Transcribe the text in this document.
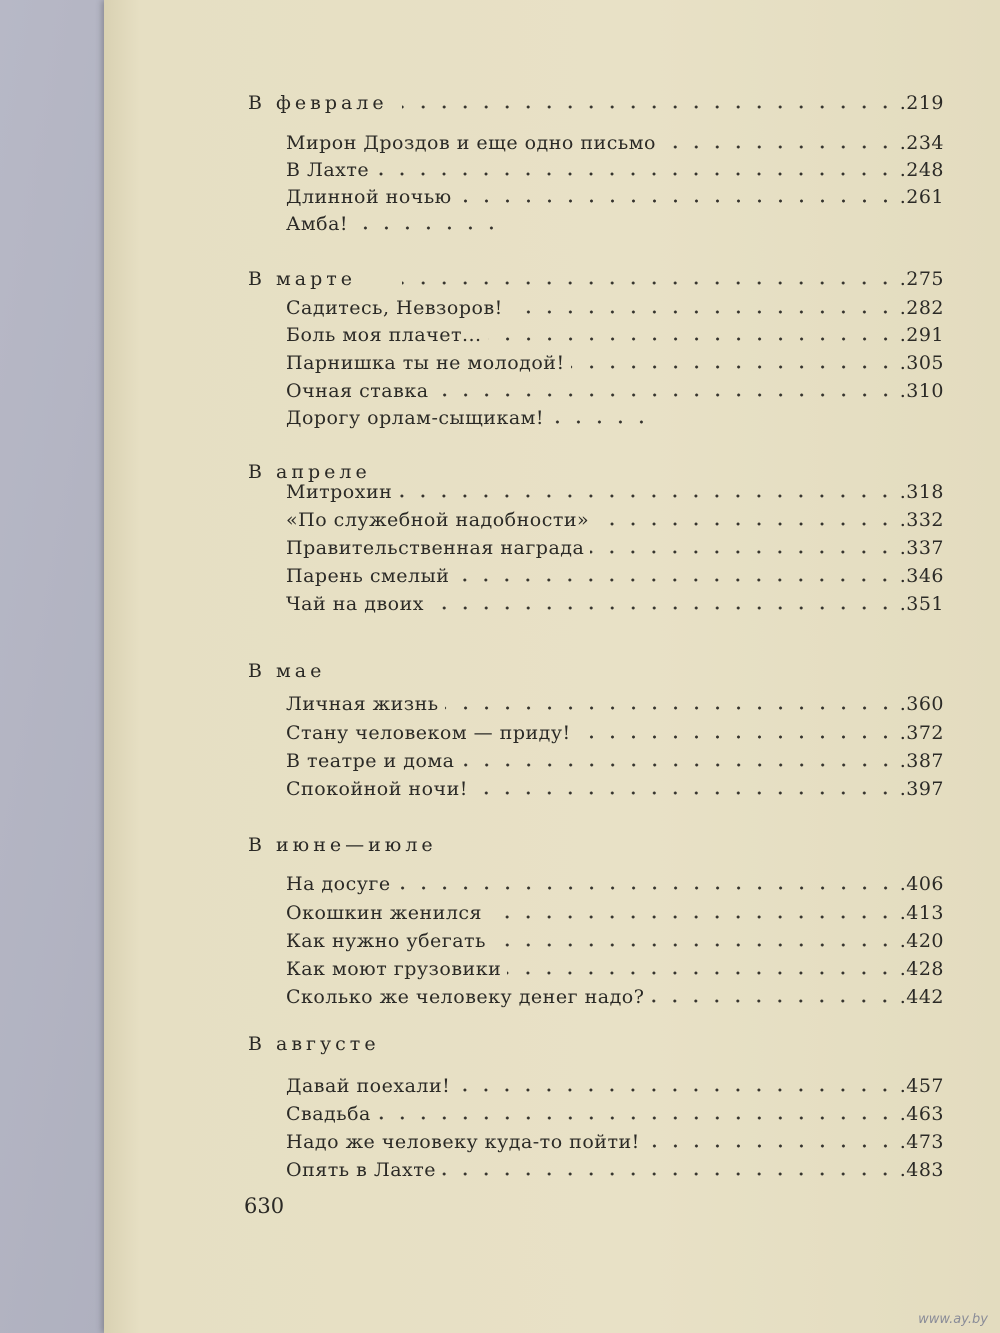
В феврале	.219
Мирон Дроздов и еще одно письмо	.234
В Лахте	.248
Длинной ночью	.261
Амба!
В марте	.275
Садитесь, Невзоров!	.282
Боль моя плачет...	.291
Парнишка ты не молодой!	.305
Очная ставка	.310
Дорогу орлам-сыщикам!
В апреле
Митрохин	.318
«По служебной надобности»	.332
Правительственная награда	.337
Парень смелый	.346
Чай на двоих	.351
В мае
Личная жизнь	.360
Стану человеком — приду!	.372
В театре и дома	.387
Спокойной ночи!	.397
В июне—июле
На досуге	.406
Окошкин женился	.413
Как нужно убегать	.420
Как моют грузовики	.428
Сколько же человеку денег надо?	.442
В августе
Давай поехали!	.457
Свадьба	.463
Надо же человеку куда-то пойти!	.473
Опять в Лахте	.483
630
www.ay.by
